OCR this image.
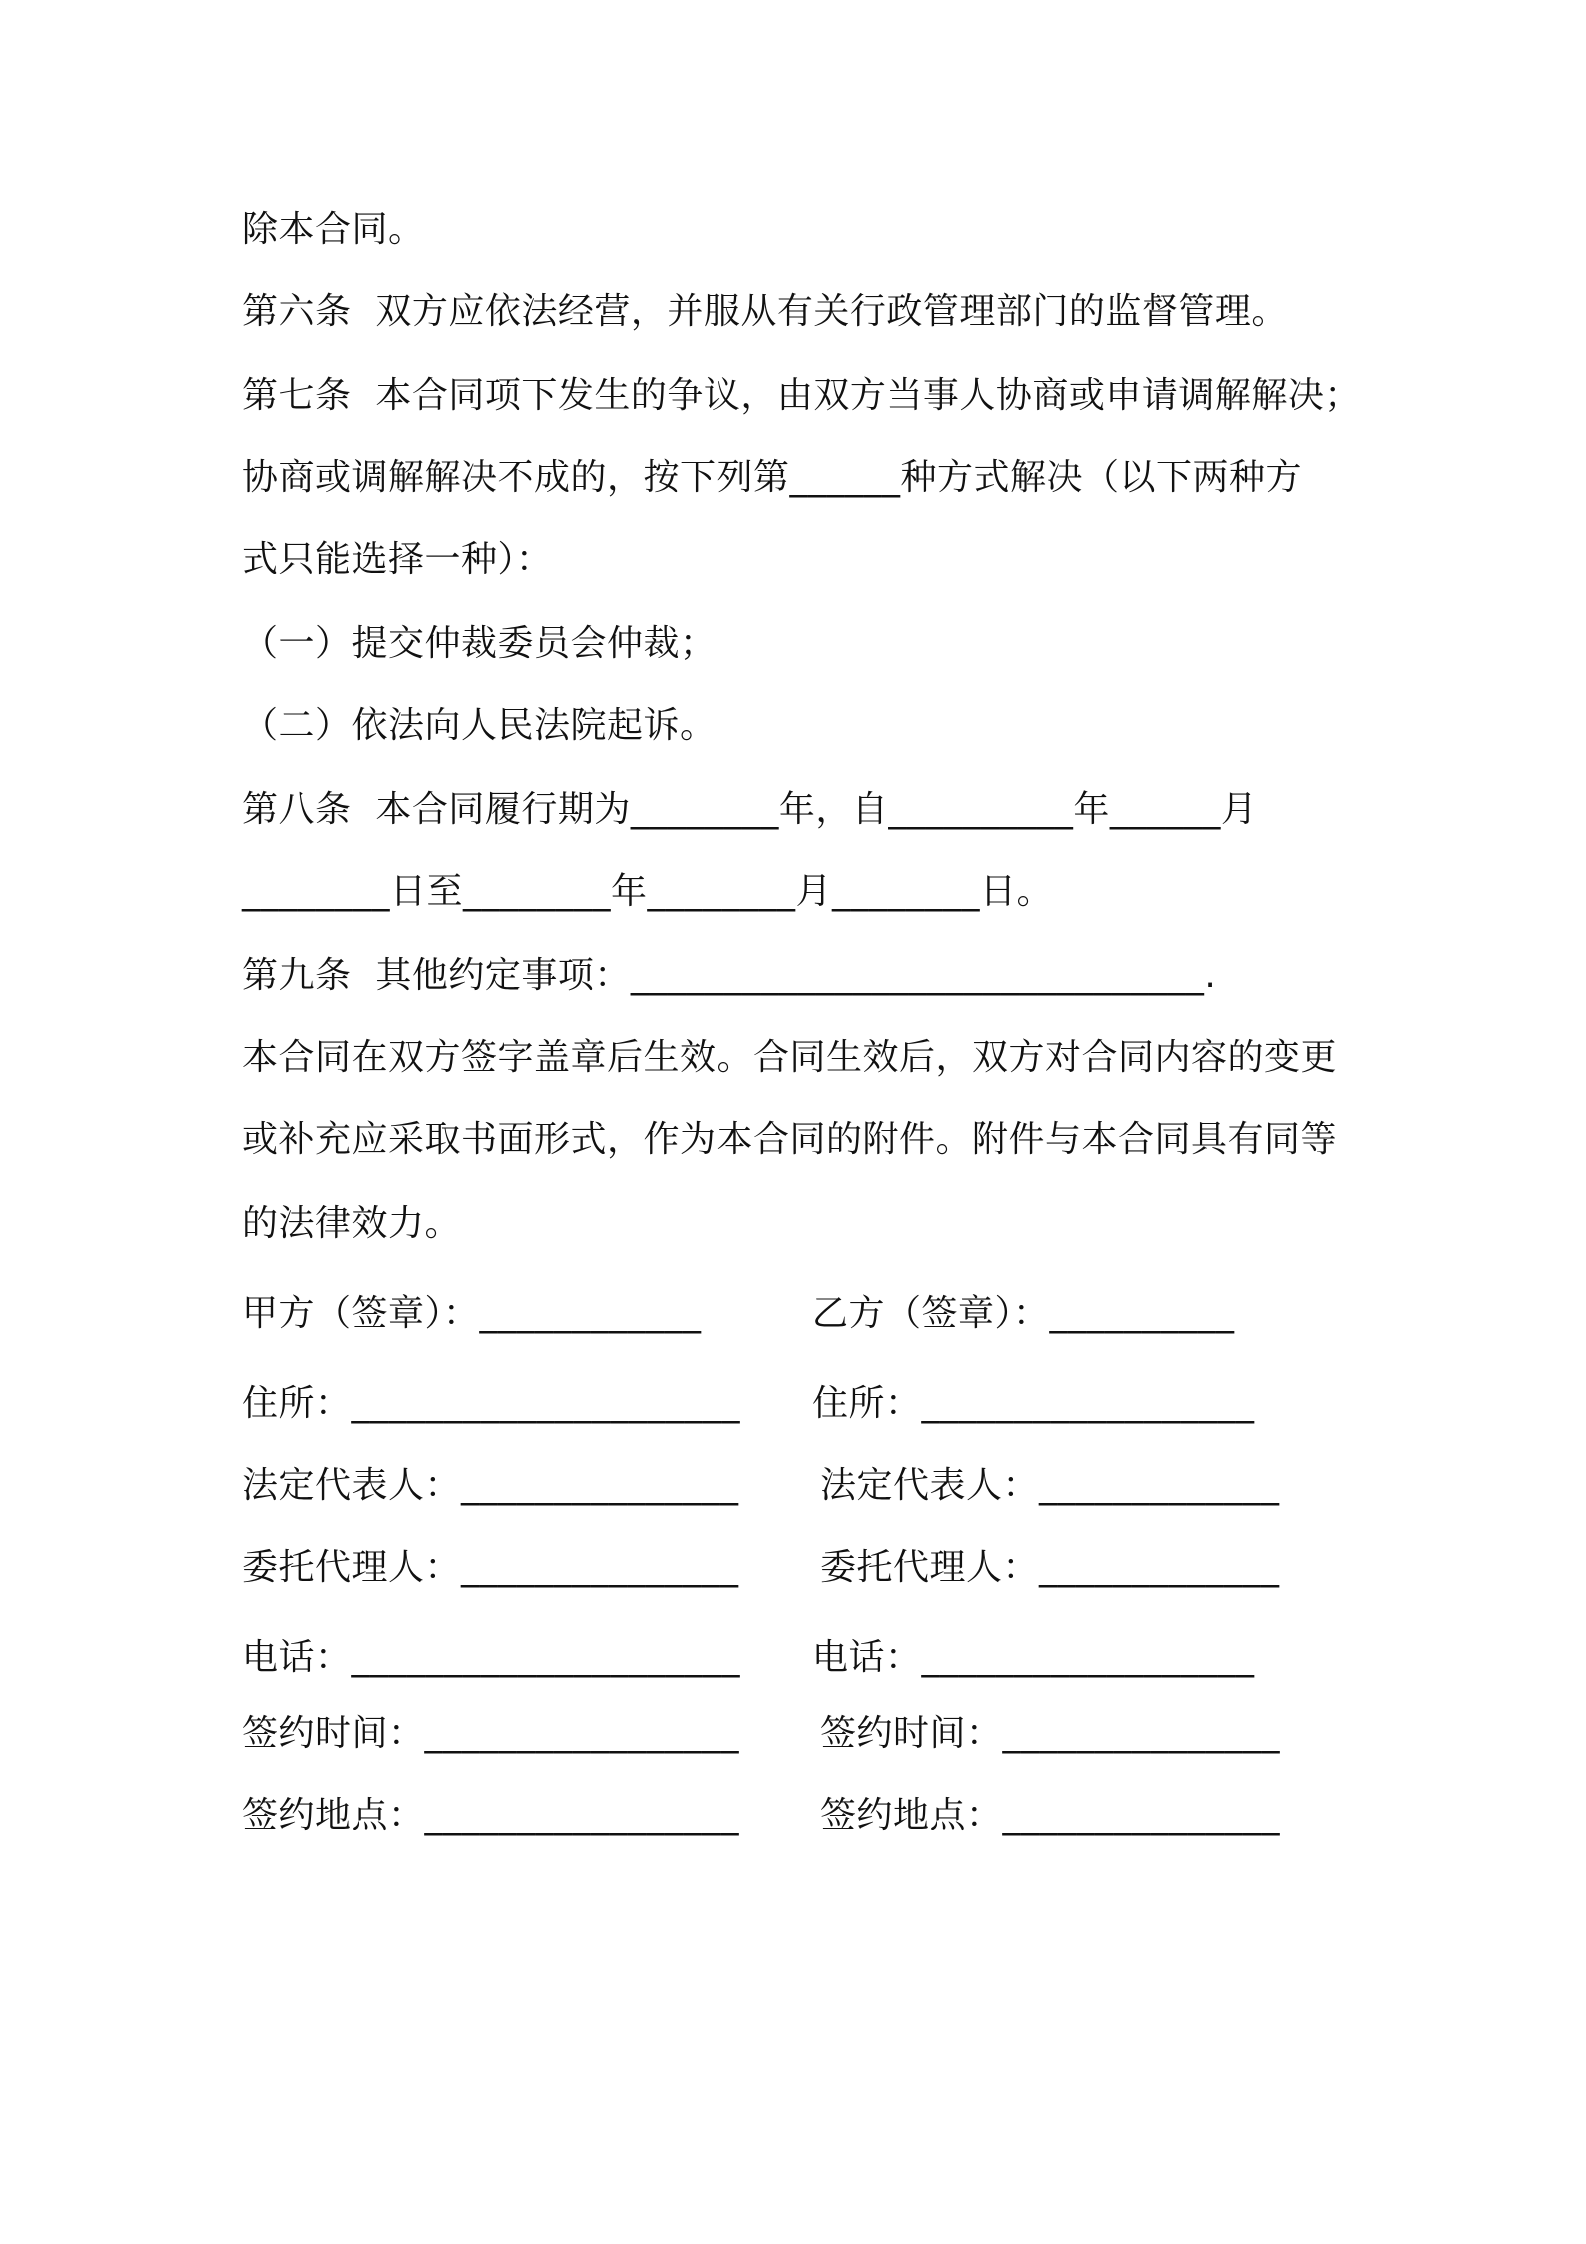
除本合同。
第六条  双方应依法经营，并服从有关行政管理部门的监督管理。
第七条  本合同项下发生的争议，由双方当事人协商或申请调解解决；
协商或调解解决不成的，按下列第______种方式解决（以下两种方
式只能选择一种）：
（一）提交仲裁委员会仲裁；
（二）依法向人民法院起诉。
第八条  本合同履行期为________年，自__________年______月
________日至________年________月________日。
第九条  其他约定事项：_______________________________.
本合同在双方签字盖章后生效。合同生效后，双方对合同内容的变更
或补充应采取书面形式，作为本合同的附件。附件与本合同具有同等
的法律效力。
甲方（签章）：____________	乙方（签章）：__________
住所：_____________________ 住所：__________________
法定代表人：_______________ 法定代表人：_____________
委托代理人：_______________ 委托代理人：_____________
电话：_____________________ 电话：__________________
签约时间：_________________ 签约时间：_______________
签约地点：_________________ 签约地点：_______________
